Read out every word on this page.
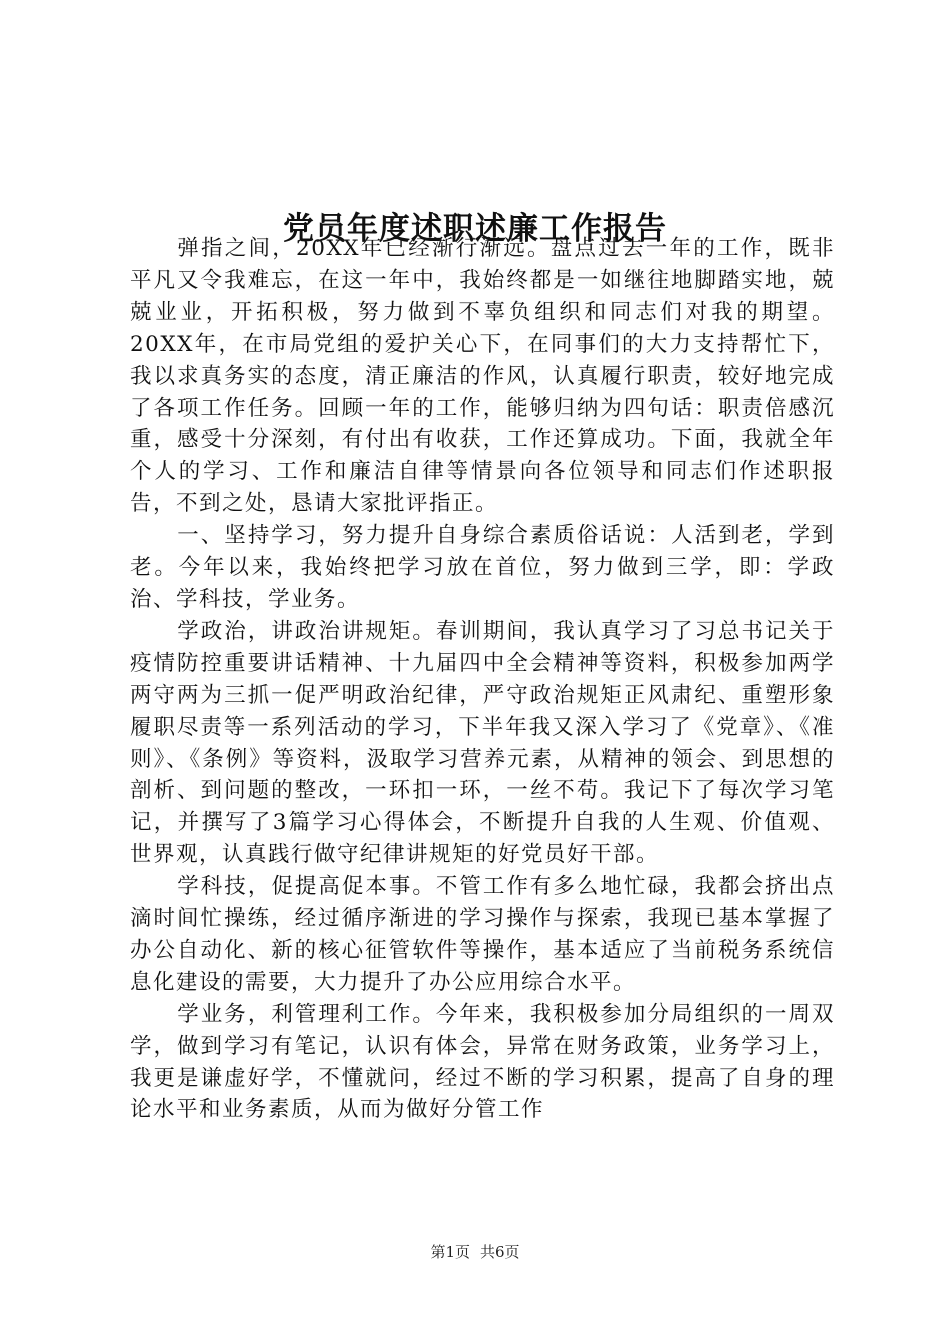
党员年度述职述廉工作报告

弹指之间，20XX年已经渐行渐远。盘点过去一年的工作，既非平凡又令我难忘，在这一年中，我始终都是一如继往地脚踏实地，兢兢业业，开拓积极，努力做到不辜负组织和同志们对我的期望。20XX年，在市局党组的爱护关心下，在同事们的大力支持帮忙下，我以求真务实的态度，清正廉洁的作风，认真履行职责，较好地完成了各项工作任务。回顾一年的工作，能够归纳为四句话：职责倍感沉重，感受十分深刻，有付出有收获，工作还算成功。下面，我就全年个人的学习、工作和廉洁自律等情景向各位领导和同志们作述职报告，不到之处，恳请大家批评指正。

一、坚持学习，努力提升自身综合素质俗话说：人活到老，学到老。今年以来，我始终把学习放在首位，努力做到三学，即：学政治、学科技，学业务。

学政治，讲政治讲规矩。春训期间，我认真学习了习总书记关于疫情防控重要讲话精神、十九届四中全会精神等资料，积极参加两学两守两为三抓一促严明政治纪律，严守政治规矩正风肃纪、重塑形象履职尽责等一系列活动的学习，下半年我又深入学习了《党章》、《准则》、《条例》等资料，汲取学习营养元素，从精神的领会、到思想的剖析、到问题的整改，一环扣一环，一丝不苟。我记下了每次学习笔记，并撰写了3篇学习心得体会，不断提升自我的人生观、价值观、世界观，认真践行做守纪律讲规矩的好党员好干部。

学科技，促提高促本事。不管工作有多么地忙碌，我都会挤出点滴时间忙操练，经过循序渐进的学习操作与探索，我现已基本掌握了办公自动化、新的核心征管软件等操作，基本适应了当前税务系统信息化建设的需要，大力提升了办公应用综合水平。

学业务，利管理利工作。今年来，我积极参加分局组织的一周双学，做到学习有笔记，认识有体会，异常在财务政策，业务学习上，我更是谦虚好学，不懂就问，经过不断的学习积累，提高了自身的理论水平和业务素质，从而为做好分管工作

第1页 共6页
